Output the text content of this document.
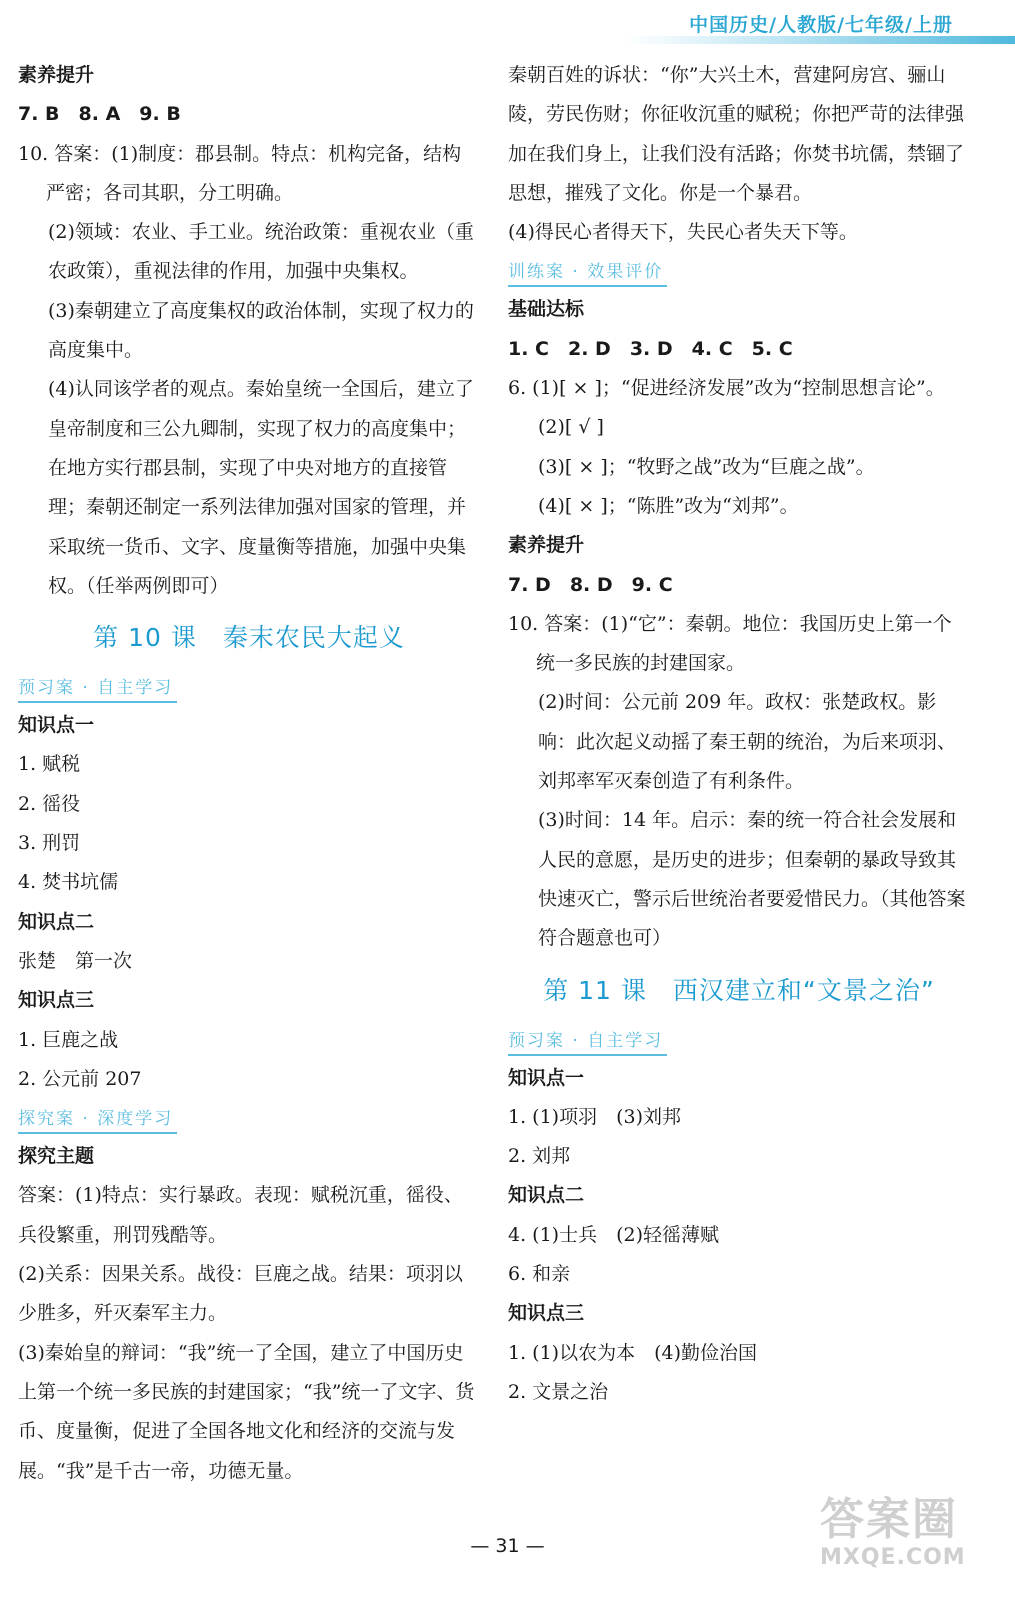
中国历史/人教版/七年级/上册

素养提升

7. B　8. A　9. B

10. 答案：(1)制度：郡县制。特点：机构完备，结构严密；各司其职，分工明确。

(2)领域：农业、手工业。统治政策：重视农业（重农政策），重视法律的作用，加强中央集权。

(3)秦朝建立了高度集权的政治体制，实现了权力的高度集中。

(4)认同该学者的观点。秦始皇统一全国后，建立了皇帝制度和三公九卿制，实现了权力的高度集中；在地方实行郡县制，实现了中央对地方的直接管理；秦朝还制定一系列法律加强对国家的管理，并采取统一货币、文字、度量衡等措施，加强中央集权。（任举两例即可）

第 10 课 秦末农民大起义
预习案 · 自主学习

知识点一

1. 赋税

2. 徭役

3. 刑罚

4. 焚书坑儒

知识点二

张楚　第一次

知识点三

1. 巨鹿之战

2. 公元前 207

探究案 · 深度学习

探究主题

答案：(1)特点：实行暴政。表现：赋税沉重，徭役、兵役繁重，刑罚残酷等。

(2)关系：因果关系。战役：巨鹿之战。结果：项羽以少胜多，歼灭秦军主力。

(3)秦始皇的辩词：“我”统一了全国，建立了中国历史上第一个统一多民族的封建国家；“我”统一了文字、货币、度量衡，促进了全国各地文化和经济的交流与发展。“我”是千古一帝，功德无量。

秦朝百姓的诉状：“你”大兴土木，营建阿房宫、骊山陵，劳民伤财；你征收沉重的赋税；你把严苛的法律强加在我们身上，让我们没有活路；你焚书坑儒，禁锢了思想，摧残了文化。你是一个暴君。

(4)得民心者得天下，失民心者失天下等。

训练案 · 效果评价

基础达标

1. C　2. D　3. D　4. C　5. C

6. (1)[ × ]；“促进经济发展”改为“控制思想言论”。

(2)[ √ ]

(3)[ × ]；“牧野之战”改为“巨鹿之战”。

(4)[ × ]；“陈胜”改为“刘邦”。

素养提升

7. D　8. D　9. C

10. 答案：(1)“它”：秦朝。地位：我国历史上第一个统一多民族的封建国家。

(2)时间：公元前 209 年。政权：张楚政权。影响：此次起义动摇了秦王朝的统治，为后来项羽、刘邦率军灭秦创造了有利条件。

(3)时间：14 年。启示：秦的统一符合社会发展和人民的意愿，是历史的进步；但秦朝的暴政导致其快速灭亡，警示后世统治者要爱惜民力。（其他答案符合题意也可）

第 11 课 西汉建立和“文景之治”
预习案 · 自主学习

知识点一

1. (1)项羽　(3)刘邦

2. 刘邦

知识点二

4. (1)士兵　(2)轻徭薄赋

6. 和亲

知识点三

1. (1)以农为本　(4)勤俭治国

2. 文景之治

— 31 —
答案圈
MXQE.COM
